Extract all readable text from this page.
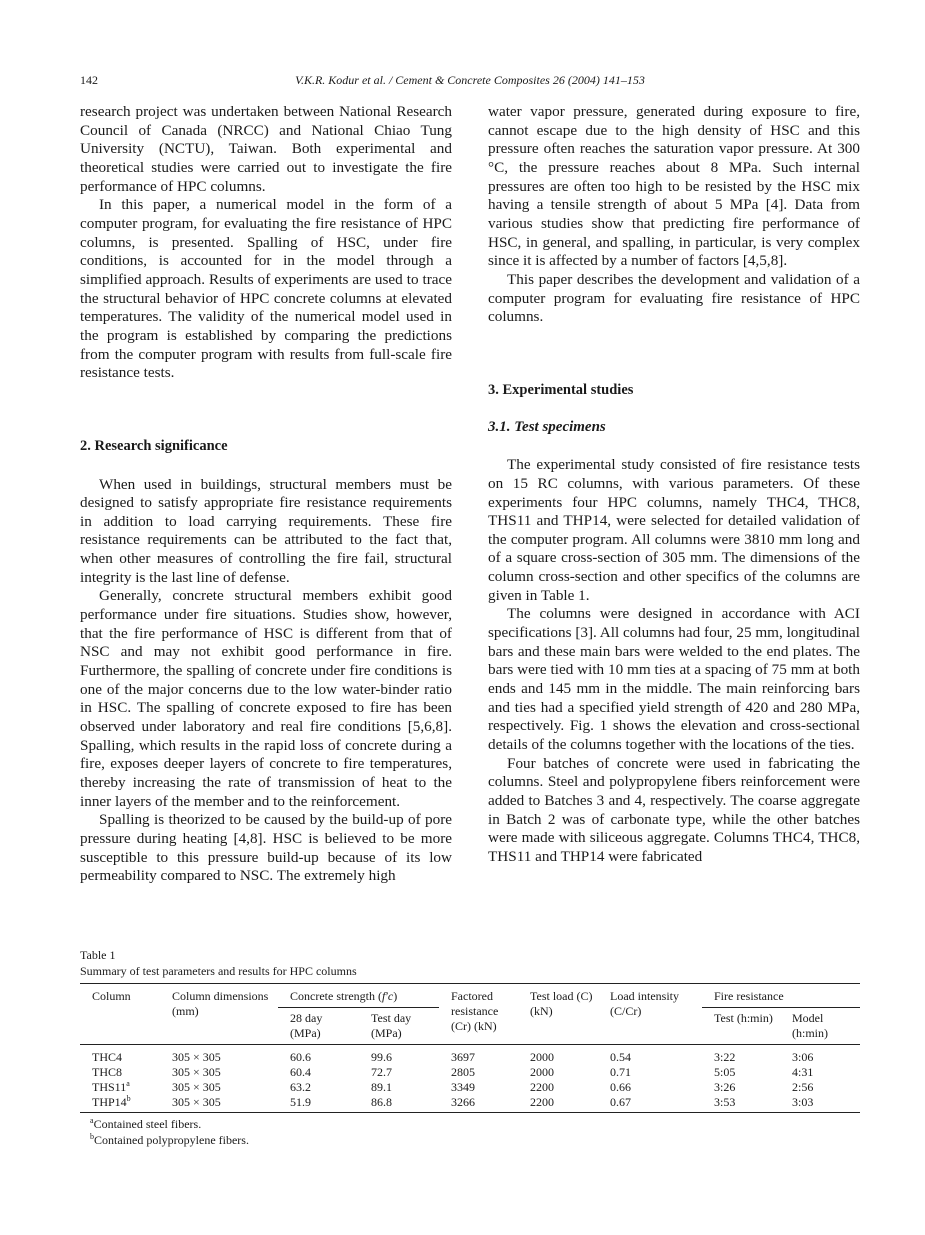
142	V.K.R. Kodur et al. / Cement & Concrete Composites 26 (2004) 141–153

research project was undertaken between National Research Council of Canada (NRCC) and National Chiao Tung University (NCTU), Taiwan. Both experimental and theoretical studies were carried out to investigate the fire performance of HPC columns.

In this paper, a numerical model in the form of a computer program, for evaluating the fire resistance of HPC columns, is presented. Spalling of HSC, under fire conditions, is accounted for in the model through a simplified approach. Results of experiments are used to trace the structural behavior of HPC concrete columns at elevated temperatures. The validity of the numerical model used in the program is established by comparing the predictions from the computer program with results from full-scale fire resistance tests.

2. Research significance

When used in buildings, structural members must be designed to satisfy appropriate fire resistance requirements in addition to load carrying requirements. These fire resistance requirements can be attributed to the fact that, when other measures of controlling the fire fail, structural integrity is the last line of defense.

Generally, concrete structural members exhibit good performance under fire situations. Studies show, however, that the fire performance of HSC is different from that of NSC and may not exhibit good performance in fire. Furthermore, the spalling of concrete under fire conditions is one of the major concerns due to the low water-binder ratio in HSC. The spalling of concrete exposed to fire has been observed under laboratory and real fire conditions [5,6,8]. Spalling, which results in the rapid loss of concrete during a fire, exposes deeper layers of concrete to fire temperatures, thereby increasing the rate of transmission of heat to the inner layers of the member and to the reinforcement.

Spalling is theorized to be caused by the build-up of pore pressure during heating [4,8]. HSC is believed to be more susceptible to this pressure build-up because of its low permeability compared to NSC. The extremely high

water vapor pressure, generated during exposure to fire, cannot escape due to the high density of HSC and this pressure often reaches the saturation vapor pressure. At 300 °C, the pressure reaches about 8 MPa. Such internal pressures are often too high to be resisted by the HSC mix having a tensile strength of about 5 MPa [4]. Data from various studies show that predicting fire performance of HSC, in general, and spalling, in particular, is very complex since it is affected by a number of factors [4,5,8].

This paper describes the development and validation of a computer program for evaluating fire resistance of HPC columns.

3. Experimental studies
3.1. Test specimens

The experimental study consisted of fire resistance tests on 15 RC columns, with various parameters. Of these experiments four HPC columns, namely THC4, THC8, THS11 and THP14, were selected for detailed validation of the computer program. All columns were 3810 mm long and of a square cross-section of 305 mm. The dimensions of the column cross-section and other specifics of the columns are given in Table 1.

The columns were designed in accordance with ACI specifications [3]. All columns had four, 25 mm, longitudinal bars and these main bars were welded to the end plates. The bars were tied with 10 mm ties at a spacing of 75 mm at both ends and 145 mm in the middle. The main reinforcing bars and ties had a specified yield strength of 420 and 280 MPa, respectively. Fig. 1 shows the elevation and cross-sectional details of the columns together with the locations of the ties.

Four batches of concrete were used in fabricating the columns. Steel and polypropylene fibers reinforcement were added to Batches 3 and 4, respectively. The coarse aggregate in Batch 2 was of carbonate type, while the other batches were made with siliceous aggregate. Columns THC4, THC8, THS11 and THP14 were fabricated

Table 1
Summary of test parameters and results for HPC columns
Column	Column dimensions (mm)	Concrete strength (f′c)		Factored resistance (Cr) (kN)	Test load (C) (kN)	Load intensity (C/Cr)	Fire resistance	
		28 day (MPa)	Test day (MPa)				Test (h:min)	Model (h:min)
THC4	305 × 305	60.6	99.6	3697	2000	0.54	3:22	3:06
THC8	305 × 305	60.4	72.7	2805	2000	0.71	5:05	4:31
THS11$^a$	305 × 305	63.2	89.1	3349	2200	0.66	3:26	2:56
THP14$^b$	305 × 305	51.9	86.8	3266	2200	0.67	3:53	3:03
$^a$Contained steel fibers.
$^b$Contained polypropylene fibers.
